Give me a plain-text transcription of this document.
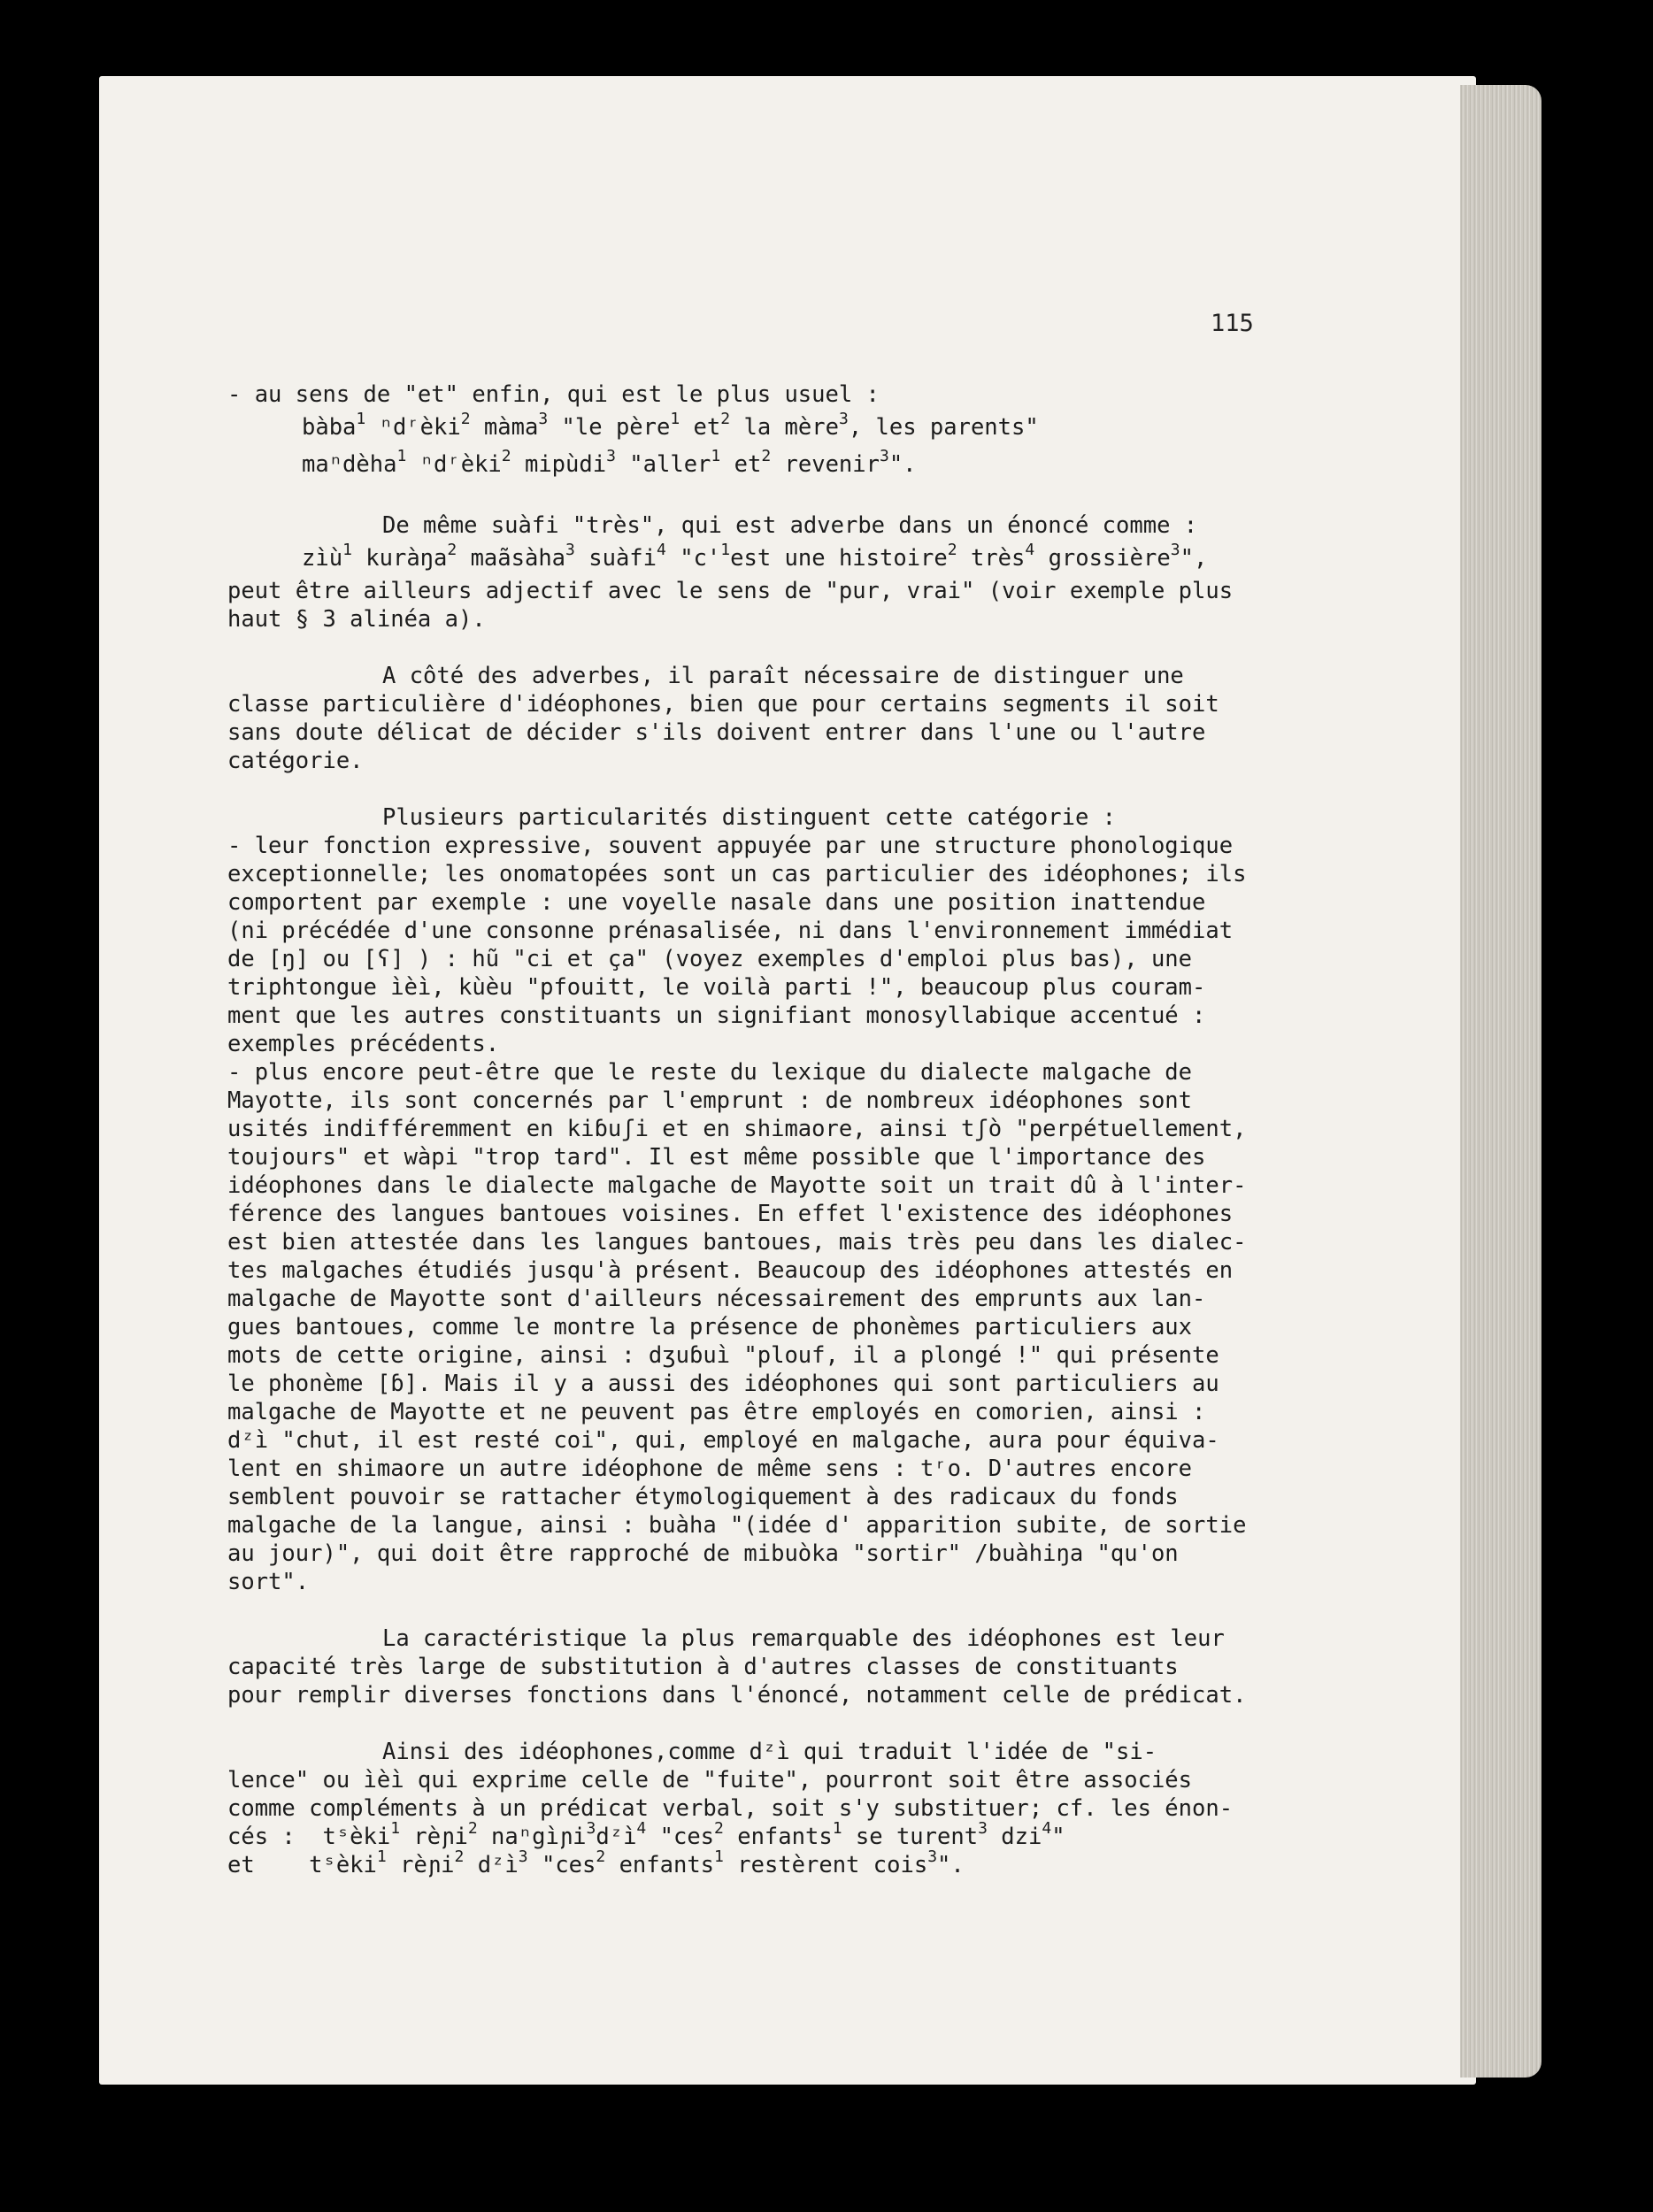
115

- au sens de "et" enfin, qui est le plus usuel :

bàba$^1$ ⁿdʳèki$^2$ màma$^3$ "le père$^1$ $et^2$ la mère$^3$, les parents"

maⁿdèha$^1$ ⁿdʳèki$^2$ mipùdi$^3$ "aller$^1$ $et^2$ revenir$^3$".

De même suàfi "très", qui est adverbe dans un énoncé comme :

zìù$^1$ kuràŋa$^2$ maãsàha$^3$ suàfi$^4$ "$c'^1est$ une histoire$^2$ très$^4$ grossière$^3$",

peut être ailleurs adjectif avec le sens de "pur, vrai" (voir exemple plus

haut § 3 alinéa a).

A côté des adverbes, il paraît nécessaire de distinguer une

classe particulière d'idéophones, bien que pour certains segments il soit

sans doute délicat de décider s'ils doivent entrer dans l'une ou l'autre

catégorie.

Plusieurs particularités distinguent cette catégorie :

- leur fonction expressive, souvent appuyée par une structure phonologique

exceptionnelle; les onomatopées sont un cas particulier des idéophones; ils

comportent par exemple : une voyelle nasale dans une position inattendue

(ni précédée d'une consonne prénasalisée, ni dans l'environnement immédiat

de [ŋ] ou [ʕ] ) : hũ "ci et ça" (voyez exemples d'emploi plus bas), une

triphtongue ìèì, kùèu "pfouitt, le voilà parti !", beaucoup plus couram-

ment que les autres constituants un signifiant monosyllabique accentué :

exemples précédents.

- plus encore peut-être que le reste du lexique du dialecte malgache de

Mayotte, ils sont concernés par l'emprunt : de nombreux idéophones sont

usités indifféremment en kiɓuʃi et en shimaore, ainsi tʃò "perpétuellement,

toujours" et wàpi "trop tard". Il est même possible que l'importance des

idéophones dans le dialecte malgache de Mayotte soit un trait dû à l'inter-

férence des langues bantoues voisines. En effet l'existence des idéophones

est bien attestée dans les langues bantoues, mais très peu dans les dialec-

tes malgaches étudiés jusqu'à présent. Beaucoup des idéophones attestés en

malgache de Mayotte sont d'ailleurs nécessairement des emprunts aux lan-

gues bantoues, comme le montre la présence de phonèmes particuliers aux

mots de cette origine, ainsi : dʒuɓuì "plouf, il a plongé !" qui présente

le phonème [ɓ]. Mais il y a aussi des idéophones qui sont particuliers au

malgache de Mayotte et ne peuvent pas être employés en comorien, ainsi :

dᶻì "chut, il est resté coi", qui, employé en malgache, aura pour équiva-

lent en shimaore un autre idéophone de même sens : tʳo. D'autres encore

semblent pouvoir se rattacher étymologiquement à des radicaux du fonds

malgache de la langue, ainsi : buàha "(idée d' apparition subite, de sortie

au jour)", qui doit être rapproché de mibuòka "sortir" /buàhiŋa "qu'on

sort".

La caractéristique la plus remarquable des idéophones est leur

capacité très large de substitution à d'autres classes de constituants

pour remplir diverses fonctions dans l'énoncé, notamment celle de prédicat.

Ainsi des idéophones,comme dᶻì qui traduit l'idée de "si-

lence" ou ìèì qui exprime celle de "fuite", pourront soit être associés

comme compléments à un prédicat verbal, soit s'y substituer; cf. les énon-

cés :  tˢèki$^1$ rèɲi$^2$ naⁿgìɲi$^3$dᶻì$^4$ "ces$^2$ enfants$^1$ se turent$^3$ dzi$^4$"

et    tˢèki$^1$ rèɲi$^2$ dᶻì$^3$ "ces$^2$ enfants$^1$ restèrent cois$^3$".
